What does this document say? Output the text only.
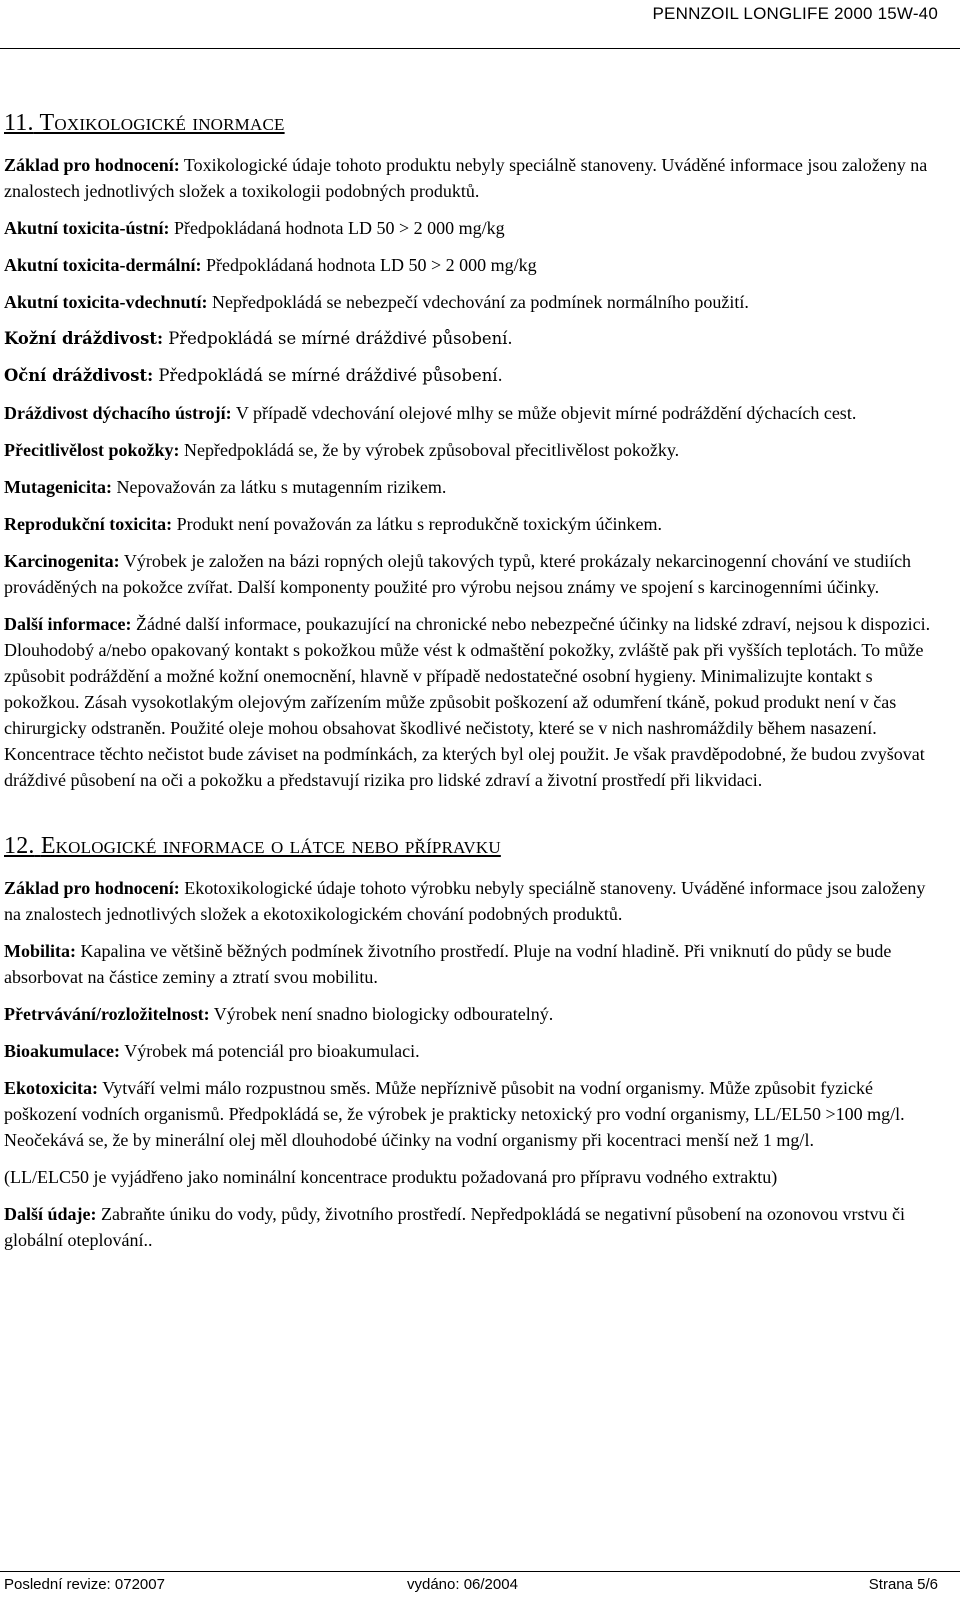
PENNZOIL LONGLIFE 2000 15W-40
11. Toxikologické inormace

Základ pro hodnocení: Toxikologické údaje tohoto produktu nebyly speciálně stanoveny. Uváděné informace jsou založeny na znalostech jednotlivých složek a toxikologii podobných produktů.

Akutní toxicita-ústní: Předpokládaná hodnota LD 50 > 2 000 mg/kg

Akutní toxicita-dermální: Předpokládaná hodnota LD 50 > 2 000 mg/kg

Akutní toxicita-vdechnutí: Nepředpokládá se nebezpečí vdechování za podmínek normálního použití.

Kožní dráždivost: Předpokládá se mírné dráždivé působení.

Oční dráždivost: Předpokládá se mírné dráždivé působení.

Dráždivost dýchacího ústrojí: V případě vdechování olejové mlhy se může objevit mírné podráždění dýchacích cest.

Přecitlivělost pokožky: Nepředpokládá se, že by výrobek způsoboval přecitlivělost pokožky.

Mutagenicita: Nepovažován za látku s mutagenním rizikem.

Reprodukční toxicita: Produkt není považován za látku s reprodukčně toxickým účinkem.

Karcinogenita: Výrobek je založen na bázi ropných olejů takových typů, které prokázaly nekarcinogenní chování ve studiích prováděných na pokožce zvířat. Další komponenty použité pro výrobu nejsou známy ve spojení s karcinogenními účinky.

Další informace: Žádné další informace, poukazující na chronické nebo nebezpečné účinky na lidské zdraví, nejsou k dispozici. Dlouhodobý a/nebo opakovaný kontakt s pokožkou může vést k odmaštění pokožky, zvláště pak při vyšších teplotách. To může způsobit podráždění a možné kožní onemocnění, hlavně v případě nedostatečné osobní hygieny. Minimalizujte kontakt s pokožkou. Zásah vysokotlakým olejovým zařízením může způsobit poškození až odumření tkáně, pokud produkt není v čas chirurgicky odstraněn. Použité oleje mohou obsahovat škodlivé nečistoty, které se v nich nashromáždily během nasazení. Koncentrace těchto nečistot bude záviset na podmínkách, za kterých byl olej použit. Je však pravděpodobné, že budou zvyšovat dráždivé působení na oči a pokožku a představují rizika pro lidské zdraví a životní prostředí při likvidaci.

12. Ekologické informace o látce nebo přípravku

Základ pro hodnocení: Ekotoxikologické údaje tohoto výrobku nebyly speciálně stanoveny. Uváděné informace jsou založeny na znalostech jednotlivých složek a ekotoxikologickém chování podobných produktů.

Mobilita: Kapalina ve většině běžných podmínek životního prostředí. Pluje na vodní hladině. Při vniknutí do půdy se bude absorbovat na částice zeminy a ztratí svou mobilitu.

Přetrvávání/rozložitelnost: Výrobek není snadno biologicky odbouratelný.

Bioakumulace: Výrobek má potenciál pro bioakumulaci.

Ekotoxicita: Vytváří velmi málo rozpustnou směs. Může nepříznivě působit na vodní organismy. Může způsobit fyzické poškození vodních organismů. Předpokládá se, že výrobek je prakticky netoxický pro vodní organismy, LL/EL50 >100 mg/l. Neočekává se, že by minerální olej měl dlouhodobé účinky na vodní organismy při kocentraci menší než 1 mg/l.

(LL/ELC50 je vyjádřeno jako nominální koncentrace produktu požadovaná pro přípravu vodného extraktu)

Další údaje: Zabraňte úniku do vody, půdy, životního prostředí. Nepředpokládá se negativní působení na ozonovou vrstvu či globální oteplování..

Poslední revize: 072007	vydáno: 06/2004	Strana 5/6
